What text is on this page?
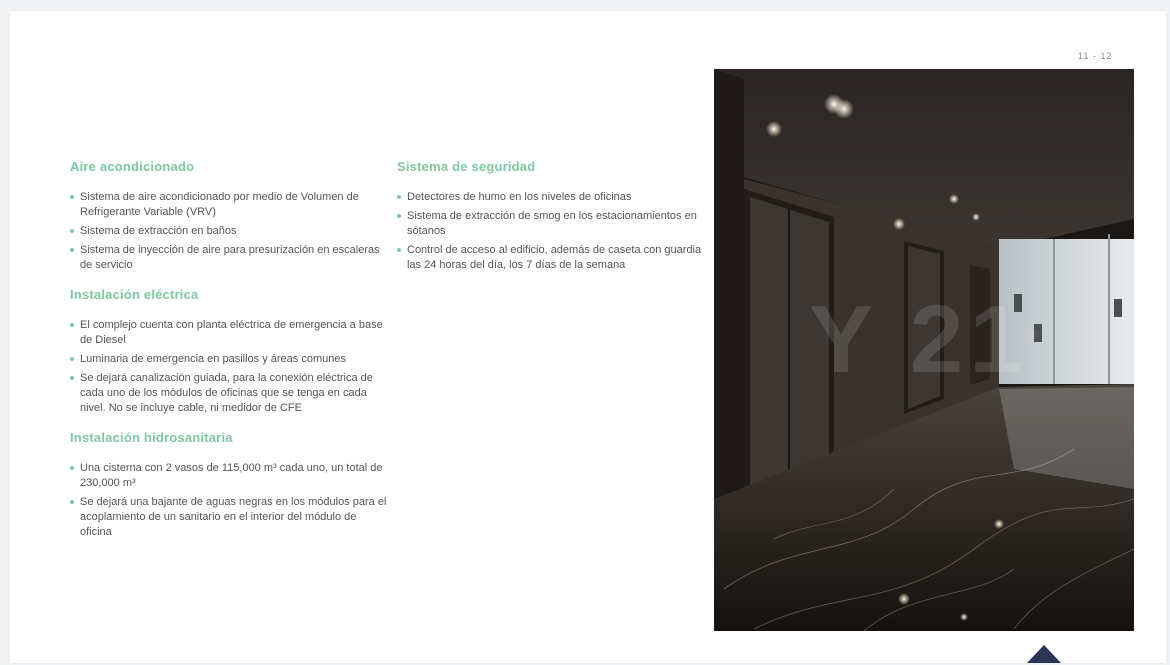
11 - 12
Aire acondicionado
Sistema de aire acondicionado por medio de Volumen de Refrigerante Variable (VRV)
Sistema de extracción en baños
Sistema de inyección de aire para presurización en escaleras de servicio
Instalación eléctrica
El complejo cuenta con planta eléctrica de emergencia a base de Diesel
Luminaria de emergencia en pasillos y áreas comunes
Se dejará canalización guiada, para la conexión eléctrica de cada uno de los módulos de oficinas que se tenga en cada nivel. No se incluye cable, ni medidor de CFE
Instalación hidrosanitaria
Una cisterna con 2 vasos de 115,000 m³ cada uno, un total de 230,000 m³
Se dejará una bajante de aguas negras en los módulos para el acoplamiento de un sanitario en el interior del módulo de oficina
Sistema de seguridad
Detectores de humo en los niveles de oficinas
Sistema de extracción de smog en los estacionamientos en sótanos
Control de acceso al edificio, además de caseta con guardia las 24 horas del día, los 7 días de la semana
